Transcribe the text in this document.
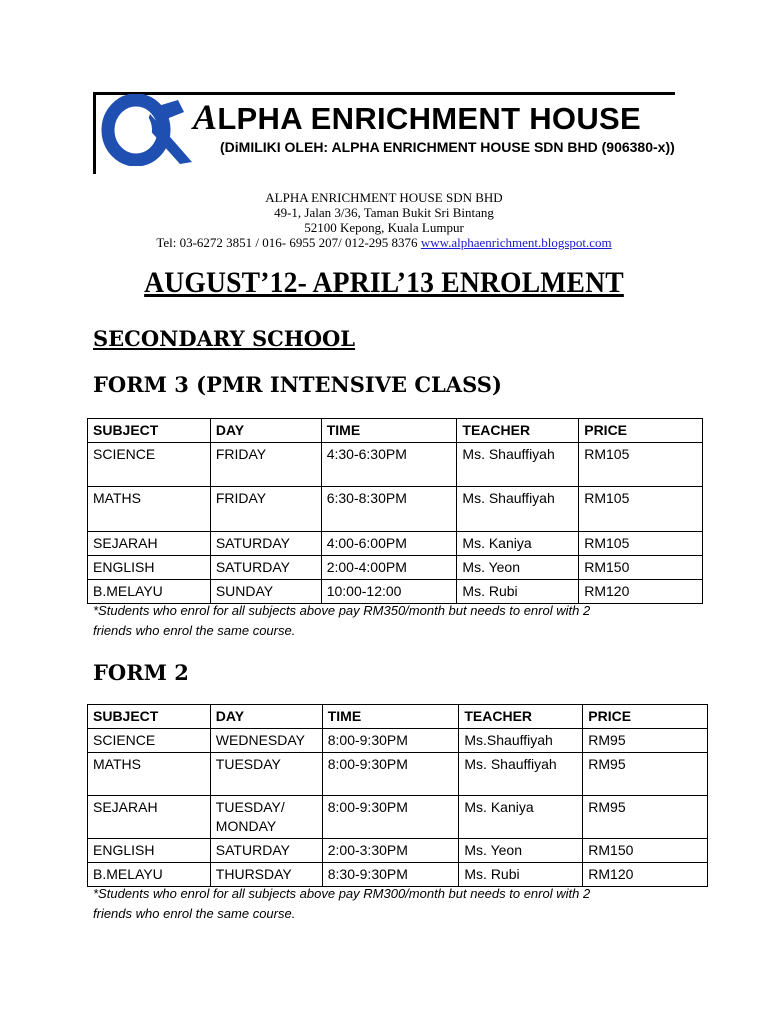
ALPHA ENRICHMENT HOUSE
(DiMILIKI OLEH: ALPHA ENRICHMENT HOUSE SDN BHD (906380-x))
ALPHA ENRICHMENT HOUSE SDN BHD
49-1, Jalan 3/36, Taman Bukit Sri Bintang
52100 Kepong, Kuala Lumpur
Tel: 03-6272 3851 / 016- 6955 207/ 012-295 8376 www.alphaenrichment.blogspot.com
AUGUST’12- APRIL’13 ENROLMENT
SECONDARY SCHOOL
FORM 3 (PMR INTENSIVE CLASS)
SUBJECT	DAY	TIME	TEACHER	PRICE
SCIENCE	FRIDAY	4:30-6:30PM	Ms. Shauffiyah	RM105
MATHS	FRIDAY	6:30-8:30PM	Ms. Shauffiyah	RM105
SEJARAH	SATURDAY	4:00-6:00PM	Ms. Kaniya	RM105
ENGLISH	SATURDAY	2:00-4:00PM	Ms. Yeon	RM150
B.MELAYU	SUNDAY	10:00-12:00	Ms. Rubi	RM120
*Students who enrol for all subjects above pay RM350/month but needs to enrol with 2
friends who enrol the same course.
FORM 2
SUBJECT	DAY	TIME	TEACHER	PRICE
SCIENCE	WEDNESDAY	8:00-9:30PM	Ms.Shauffiyah	RM95
MATHS	TUESDAY	8:00-9:30PM	Ms. Shauffiyah	RM95
SEJARAH	TUESDAY/
MONDAY	8:00-9:30PM	Ms. Kaniya	RM95
ENGLISH	SATURDAY	2:00-3:30PM	Ms. Yeon	RM150
B.MELAYU	THURSDAY	8:30-9:30PM	Ms. Rubi	RM120
*Students who enrol for all subjects above pay RM300/month but needs to enrol with 2
friends who enrol the same course.
